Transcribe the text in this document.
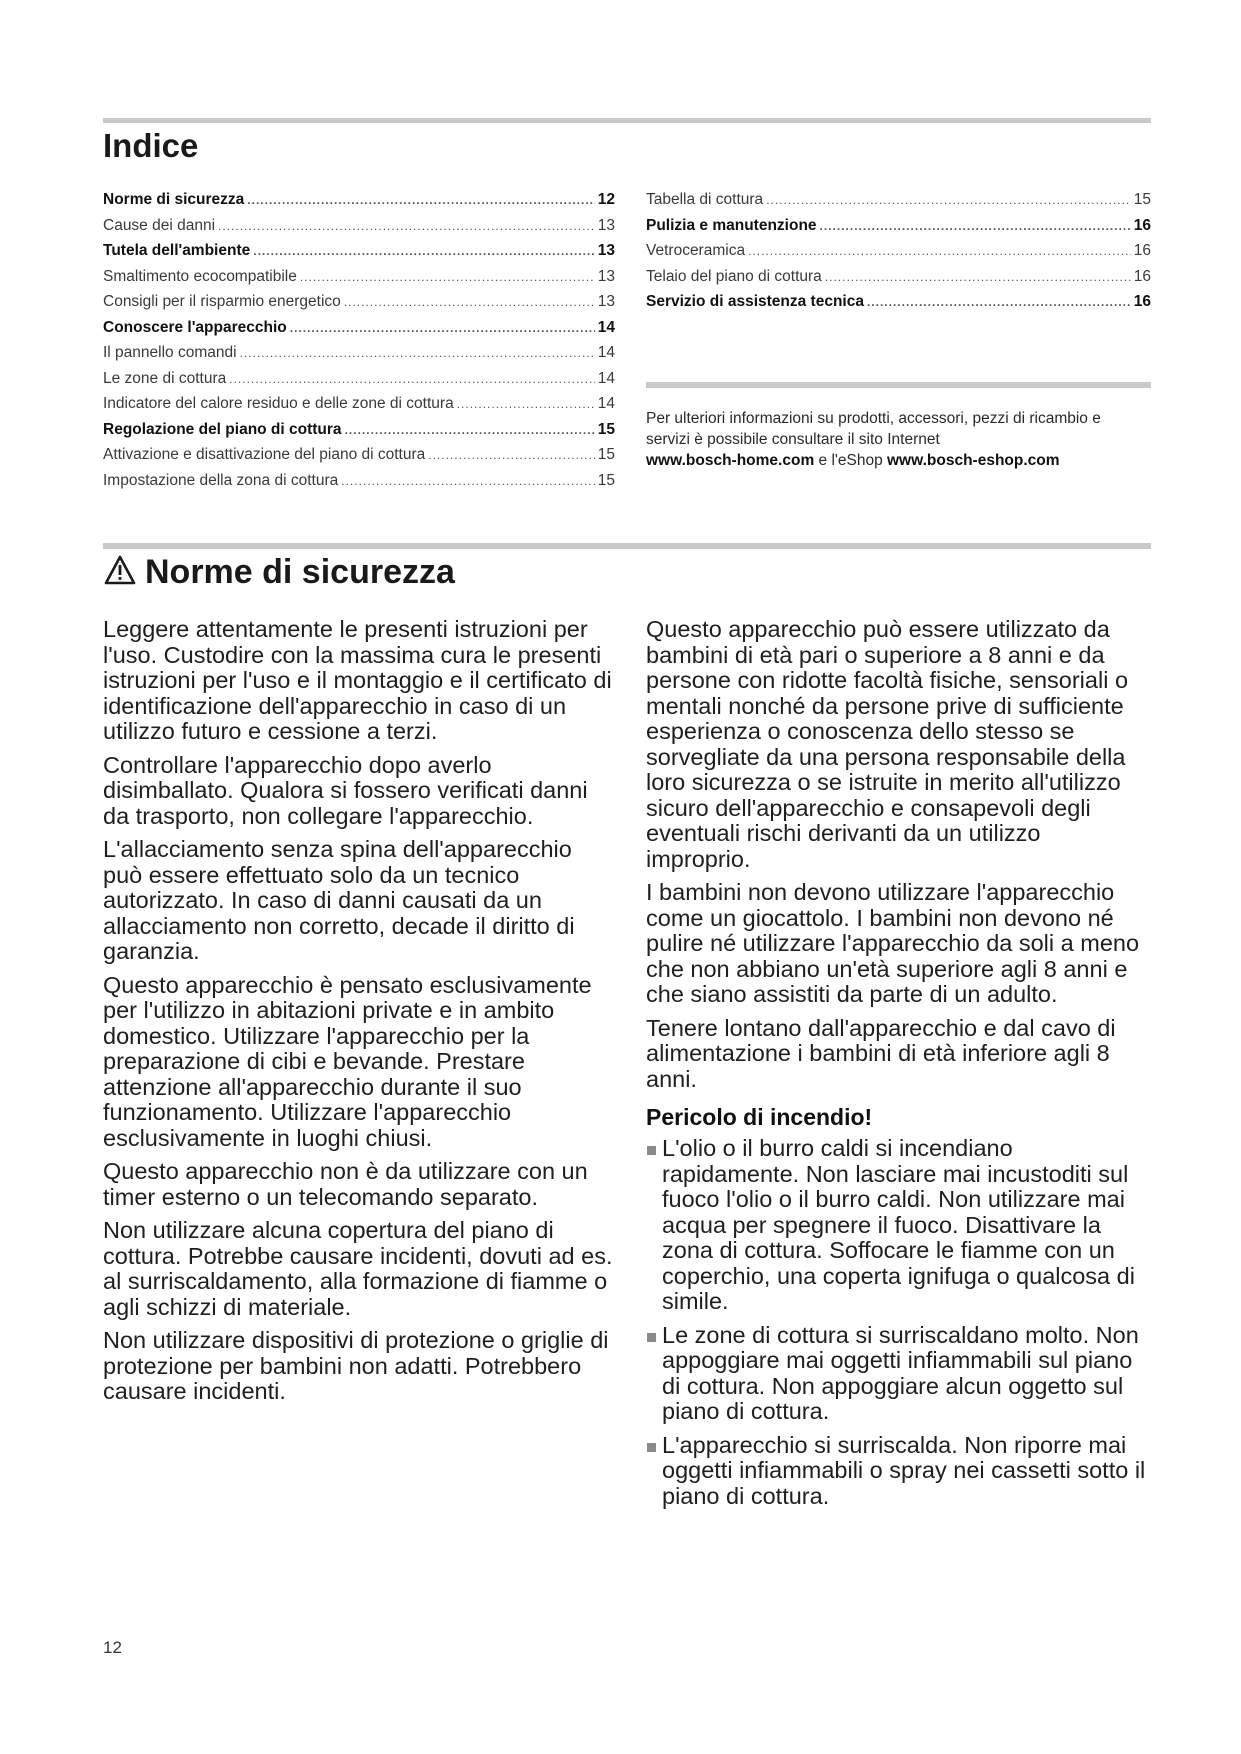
Indice
Norme di sicurezza .....	12
Cause dei danni .....	13
Tutela dell'ambiente .....	13
Smaltimento ecocompatibile .....	13
Consigli per il risparmio energetico .....	13
Conoscere l'apparecchio .....	14
Il pannello comandi .....	14
Le zone di cottura .....	14
Indicatore del calore residuo e delle zone di cottura .....	14
Regolazione del piano di cottura .....	15
Attivazione e disattivazione del piano di cottura .....	15
Impostazione della zona di cottura .....	15
Tabella di cottura .....	15
Pulizia e manutenzione .....	16
Vetroceramica .....	16
Telaio del piano di cottura .....	16
Servizio di assistenza tecnica .....	16
Per ulteriori informazioni su prodotti, accessori, pezzi di ricambio e servizi è possibile consultare il sito Internet
www.bosch-home.com e l'eShop www.bosch-eshop.com
Norme di sicurezza

Leggere attentamente le presenti istruzioni per l'uso. Custodire con la massima cura le presenti istruzioni per l'uso e il montaggio e il certificato di identificazione dell'apparecchio in caso di un utilizzo futuro e cessione a terzi.

Controllare l'apparecchio dopo averlo disimballato. Qualora si fossero verificati danni da trasporto, non collegare l'apparecchio.

L'allacciamento senza spina dell'apparecchio può essere effettuato solo da un tecnico autorizzato. In caso di danni causati da un allacciamento non corretto, decade il diritto di garanzia.

Questo apparecchio è pensato esclusivamente per l'utilizzo in abitazioni private e in ambito domestico. Utilizzare l'apparecchio per la preparazione di cibi e bevande. Prestare attenzione all'apparecchio durante il suo funzionamento. Utilizzare l'apparecchio esclusivamente in luoghi chiusi.

Questo apparecchio non è da utilizzare con un timer esterno o un telecomando separato.

Non utilizzare alcuna copertura del piano di cottura. Potrebbe causare incidenti, dovuti ad es. al surriscaldamento, alla formazione di fiamme o agli schizzi di materiale.

Non utilizzare dispositivi di protezione o griglie di protezione per bambini non adatti. Potrebbero causare incidenti.

Questo apparecchio può essere utilizzato da bambini di età pari o superiore a 8 anni e da persone con ridotte facoltà fisiche, sensoriali o mentali nonché da persone prive di sufficiente esperienza o conoscenza dello stesso se sorvegliate da una persona responsabile della loro sicurezza o se istruite in merito all'utilizzo sicuro dell'apparecchio e consapevoli degli eventuali rischi derivanti da un utilizzo improprio.

I bambini non devono utilizzare l'apparecchio come un giocattolo. I bambini non devono né pulire né utilizzare l'apparecchio da soli a meno che non abbiano un'età superiore agli 8 anni e che siano assistiti da parte di un adulto.

Tenere lontano dall'apparecchio e dal cavo di alimentazione i bambini di età inferiore agli 8 anni.

Pericolo di incendio!
L'olio o il burro caldi si incendiano rapidamente. Non lasciare mai incustoditi sul fuoco l'olio o il burro caldi. Non utilizzare mai acqua per spegnere il fuoco. Disattivare la zona di cottura. Soffocare le fiamme con un coperchio, una coperta ignifuga o qualcosa di simile.
Le zone di cottura si surriscaldano molto. Non appoggiare mai oggetti infiammabili sul piano di cottura. Non appoggiare alcun oggetto sul piano di cottura.
L'apparecchio si surriscalda. Non riporre mai oggetti infiammabili o spray nei cassetti sotto il piano di cottura.
12
